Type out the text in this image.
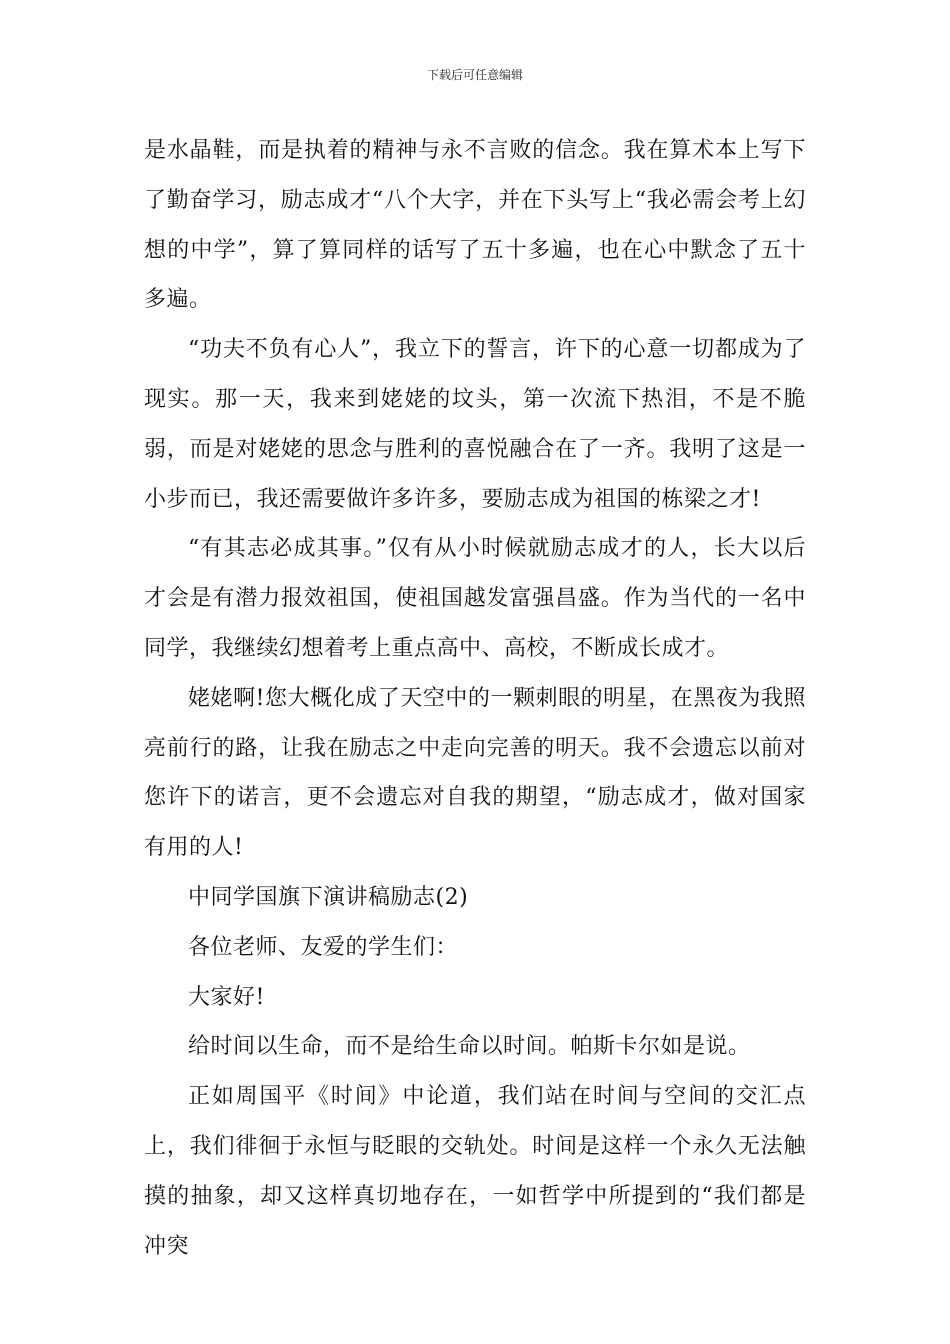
下载后可任意编辑

是水晶鞋，而是执着的精神与永不言败的信念。我在算术本上写下了勤奋学习，励志成才“八个大字，并在下头写上“我必需会考上幻想的中学”，算了算同样的话写了五十多遍，也在心中默念了五十多遍。

“功夫不负有心人”，我立下的誓言，许下的心意一切都成为了现实。那一天，我来到姥姥的坟头，第一次流下热泪，不是不脆弱，而是对姥姥的思念与胜利的喜悦融合在了一齐。我明了这是一小步而已，我还需要做许多许多，要励志成为祖国的栋梁之才!

“有其志必成其事。”仅有从小时候就励志成才的人，长大以后才会是有潜力报效祖国，使祖国越发富强昌盛。作为当代的一名中同学，我继续幻想着考上重点高中、高校，不断成长成才。

姥姥啊!您大概化成了天空中的一颗刺眼的明星，在黑夜为我照亮前行的路，让我在励志之中走向完善的明天。我不会遗忘以前对您许下的诺言，更不会遗忘对自我的期望，“励志成才，做对国家有用的人!

中同学国旗下演讲稿励志(2)

各位老师、友爱的学生们：

大家好!

给时间以生命，而不是给生命以时间。帕斯卡尔如是说。

正如周国平《时间》中论道，我们站在时间与空间的交汇点上，我们徘徊于永恒与眨眼的交轨处。时间是这样一个永久无法触摸的抽象，却又这样真切地存在，一如哲学中所提到的“我们都是冲突
